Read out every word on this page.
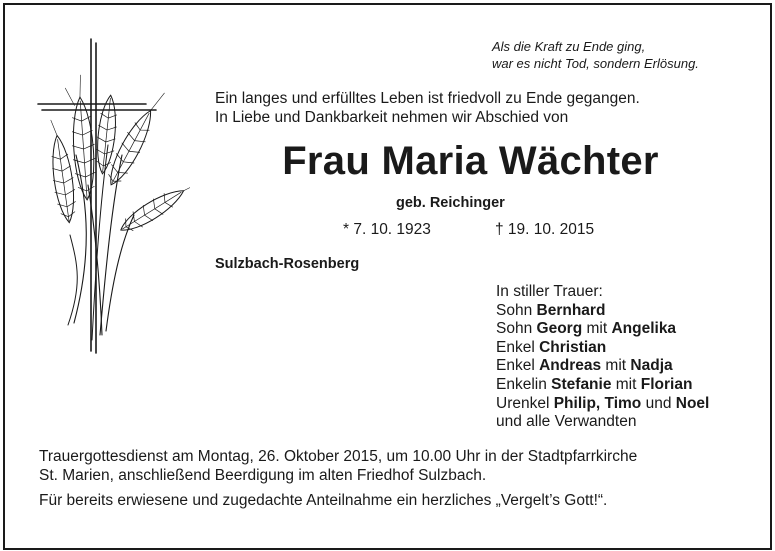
Als die Kraft zu Ende ging,
war es nicht Tod, sondern Erlösung.
Ein langes und erfülltes Leben ist friedvoll zu Ende gegangen.
In Liebe und Dankbarkeit nehmen wir Abschied von
Frau Maria Wächter
geb. Reichinger
* 7. 10. 1923	† 19. 10. 2015
Sulzbach-Rosenberg
In stiller Trauer:
Sohn Bernhard
Sohn Georg mit Angelika
Enkel Christian
Enkel Andreas mit Nadja
Enkelin Stefanie mit Florian
Urenkel Philip, Timo und Noel
und alle Verwandten
Trauergottesdienst am Montag, 26. Oktober 2015, um 10.00 Uhr in der Stadtpfarrkirche
St. Marien, anschließend Beerdigung im alten Friedhof Sulzbach.
Für bereits erwiesene und zugedachte Anteilnahme ein herzliches „Vergelt’s Gott!“.
